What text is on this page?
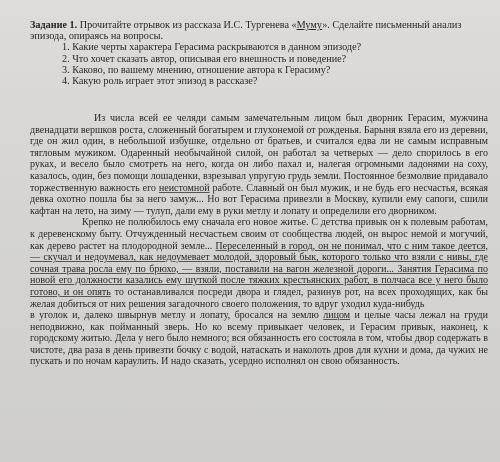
Задание 1. Прочитайте отрывок из рассказа И.С. Тургенева «Муму». Сделайте письменный анализ эпизода, опираясь на вопросы.
1. Какие черты характера Герасима раскрываются в данном эпизоде?
2. Что хочет сказать автор, описывая его внешность и поведение?
3. Каково, по вашему мнению, отношение автора к Герасиму?
4. Какую роль играет этот эпизод в рассказе?

Из числа всей ее челяди самым замечательным лицом был дворник Герасим, мужчина двенадцати вершков роста, сложенный богатырем и глухонемой от рожденья. Барыня взяла его из деревни, где он жил один, в небольшой избушке, отдельно от братьев, и считался едва ли не самым исправным тягловым мужиком. Одаренный необычайной силой, он работал за четверых — дело спорилось в его руках, и весело было смотреть на него, когда он либо пахал и, налегая огромными ладонями на соху, казалось, один, без помощи лошаденки, взрезывал упругую грудь земли. Постоянное безмолвие придавало торжественную важность его неистомной работе. Славный он был мужик, и не будь его несчастья, всякая девка охотно пошла бы за него замуж... Но вот Герасима привезли в Москву, купили ему сапоги, сшили кафтан на лето, на зиму — тулуп, дали ему в руки метлу и лопату и определили его дворником.

Крепко не полюбилось ему сначала его новое житье. С детства привык он к полевым работам, к деревенскому быту. Отчужденный несчастьем своим от сообщества людей, он вырос немой и могучий, как дерево растет на плодородной земле... Переселенный в город, он не понимал, что с ним такое деется, — скучал и недоумевал, как недоумевает молодой, здоровый бык, которого только что взяли с нивы, где сочная трава росла ему по брюхо, — взяли, поставили на вагон железной дороги... Занятия Герасима по новой его должности казались ему шуткой после тяжких крестьянских работ, в полчаса все у него было готово, и он опять то останавливался посреди двора и глядел, разинув рот, на всех проходящих, как бы желая добиться от них решения загадочного своего положения, то вдруг уходил куда-нибудь

в уголок и, далеко швырнув метлу и лопату, бросался на землю лицом и целые часы лежал на груди неподвижно, как пойманный зверь. Но ко всему привыкает человек, и Герасим привык, наконец, к городскому житью. Дела у него было немного; вся обязанность его состояла в том, чтобы двор содержать в чистоте, два раза в день привезти бочку с водой, натаскать и наколоть дров для кухни и дома, да чужих не пускать и по ночам караулить. И надо сказать, усердно исполнял он свою обязанность.
